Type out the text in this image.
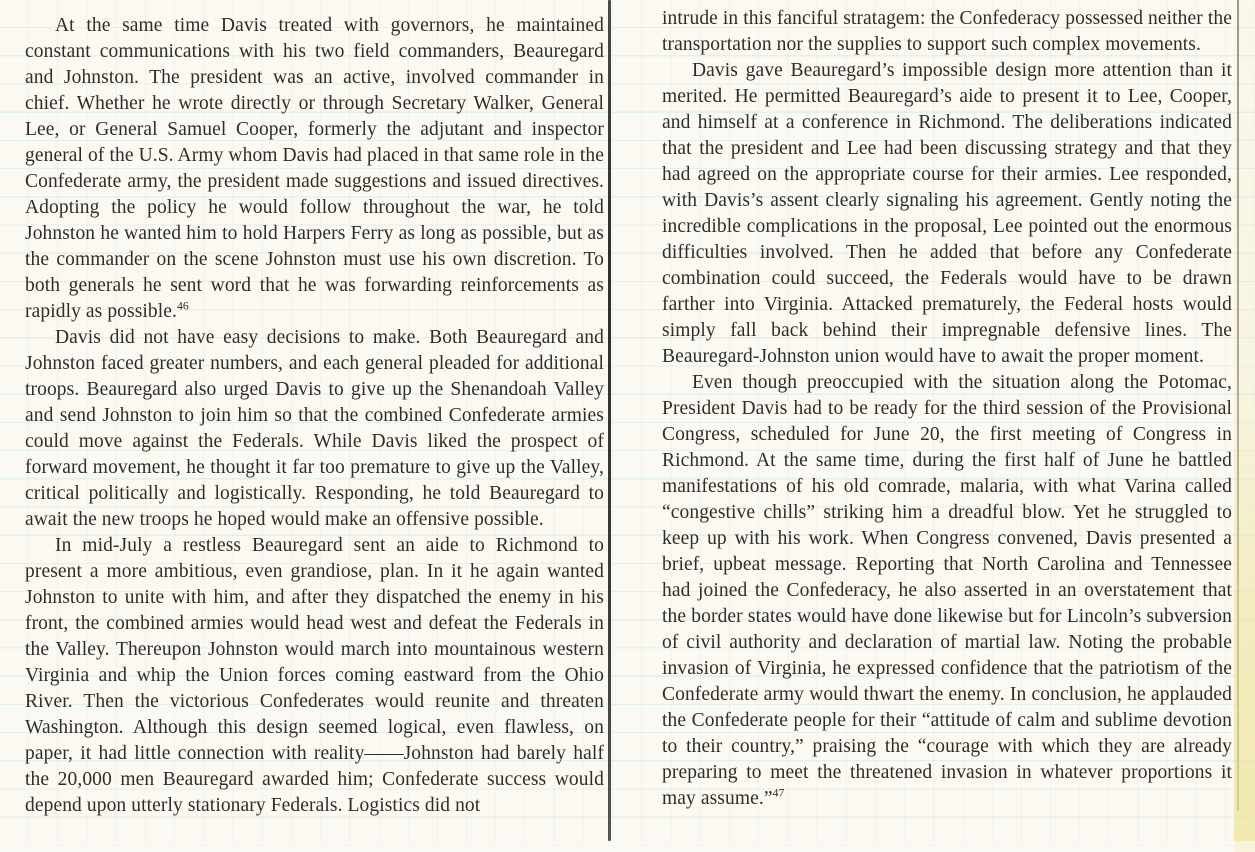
At the same time Davis treated with governors, he maintained constant communications with his two field commanders, Beauregard and Johnston. The president was an active, involved commander in chief. Whether he wrote directly or through Secretary Walker, General Lee, or General Samuel Cooper, formerly the adjutant and inspector general of the U.S. Army whom Davis had placed in that same role in the Confederate army, the president made suggestions and issued directives. Adopting the policy he would follow throughout the war, he told Johnston he wanted him to hold Harpers Ferry as long as possible, but as the commander on the scene Johnston must use his own discretion. To both generals he sent word that he was forwarding reinforcements as rapidly as possible.$^{46}$

Davis did not have easy decisions to make. Both Beauregard and Johnston faced greater numbers, and each general pleaded for additional troops. Beauregard also urged Davis to give up the Shenandoah Valley and send Johnston to join him so that the combined Confederate armies could move against the Federals. While Davis liked the prospect of forward movement, he thought it far too premature to give up the Valley, critical politically and logistically. Responding, he told Beauregard to await the new troops he hoped would make an offensive possible.

In mid-July a restless Beauregard sent an aide to Richmond to present a more ambitious, even grandiose, plan. In it he again wanted Johnston to unite with him, and after they dispatched the enemy in his front, the combined armies would head west and defeat the Federals in the Valley. Thereupon Johnston would march into mountainous western Virginia and whip the Union forces coming eastward from the Ohio River. Then the victorious Confederates would reunite and threaten Washington. Although this design seemed logical, even flawless, on paper, it had little connection with reality——Johnston had barely half the 20,000 men Beauregard awarded him; Confederate success would depend upon utterly stationary Federals. Logistics did not

intrude in this fanciful stratagem: the Confederacy possessed neither the transportation nor the supplies to support such complex movements.

Davis gave Beauregard’s impossible design more attention than it merited. He permitted Beauregard’s aide to present it to Lee, Cooper, and himself at a conference in Richmond. The deliberations indicated that the president and Lee had been discussing strategy and that they had agreed on the appropriate course for their armies. Lee responded, with Davis’s assent clearly signaling his agreement. Gently noting the incredible complications in the proposal, Lee pointed out the enormous difficulties involved. Then he added that before any Confederate combination could succeed, the Federals would have to be drawn farther into Virginia. Attacked prematurely, the Federal hosts would simply fall back behind their impregnable defensive lines. The Beauregard-Johnston union would have to await the proper moment.

Even though preoccupied with the situation along the Potomac, President Davis had to be ready for the third session of the Provisional Congress, scheduled for June 20, the first meeting of Congress in Richmond. At the same time, during the first half of June he battled manifestations of his old comrade, malaria, with what Varina called “congestive chills” striking him a dreadful blow. Yet he struggled to keep up with his work. When Congress convened, Davis presented a brief, upbeat message. Reporting that North Carolina and Tennessee had joined the Confederacy, he also asserted in an overstatement that the border states would have done likewise but for Lincoln’s subversion of civil authority and declaration of martial law. Noting the probable invasion of Virginia, he expressed confidence that the patriotism of the Confederate army would thwart the enemy. In conclusion, he applauded the Confederate people for their “attitude of calm and sublime devotion to their country,” praising the “courage with which they are already preparing to meet the threatened invasion in whatever proportions it may assume.”$^{47}$
